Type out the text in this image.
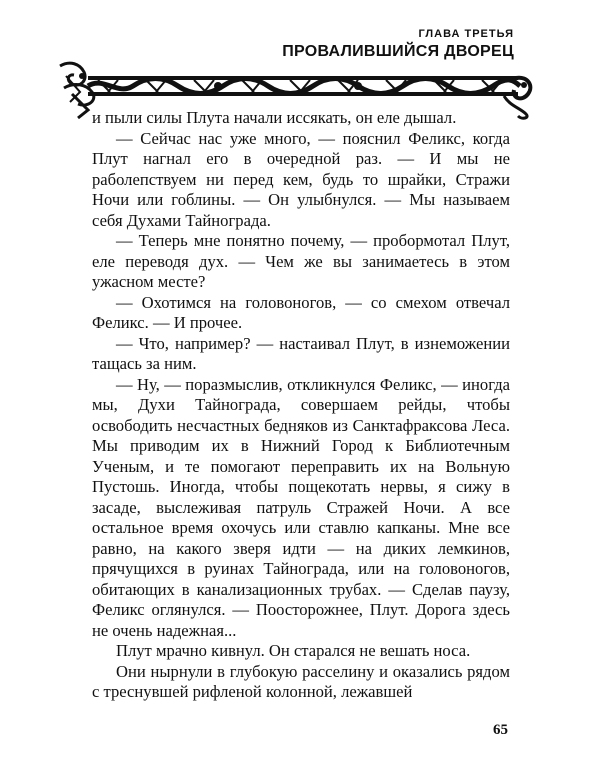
ГЛАВА ТРЕТЬЯ
ПРОВАЛИВШИЙСЯ ДВОРЕЦ

и пыли силы Плута начали иссякать, он еле дышал.

— Сейчас нас уже много, — пояснил Феликс, когда Плут нагнал его в очередной раз. — И мы не раболепствуем ни перед кем, будь то шрайки, Стражи Ночи или гоблины. — Он улыбнулся. — Мы называем себя Духами Тайнограда.

— Теперь мне понятно почему, — пробормотал Плут, еле переводя дух. — Чем же вы занимаетесь в этом ужасном месте?

— Охотимся на головоногов, — со смехом отвечал Феликс. — И прочее.

— Что, например? — настаивал Плут, в изнеможении тащась за ним.

— Ну, — поразмыслив, откликнулся Феликс, — иногда мы, Духи Тайнограда, совершаем рейды, чтобы освободить несчастных бедняков из Санктафраксова Леса. Мы приводим их в Нижний Город к Библиотечным Ученым, и те помогают переправить их на Вольную Пустошь. Иногда, чтобы пощекотать нервы, я сижу в засаде, выслеживая патруль Стражей Ночи. А все остальное время охочусь или ставлю капканы. Мне все равно, на какого зверя идти — на диких лемкинов, прячущихся в руинах Тайнограда, или на головоногов, обитающих в канализационных трубах. — Сделав паузу, Феликс оглянулся. — Поосторожнее, Плут. Дорога здесь не очень надежная...

Плут мрачно кивнул. Он старался не вешать носа.

Они нырнули в глубокую расселину и оказались рядом с треснувшей рифленой колонной, лежавшей

65
